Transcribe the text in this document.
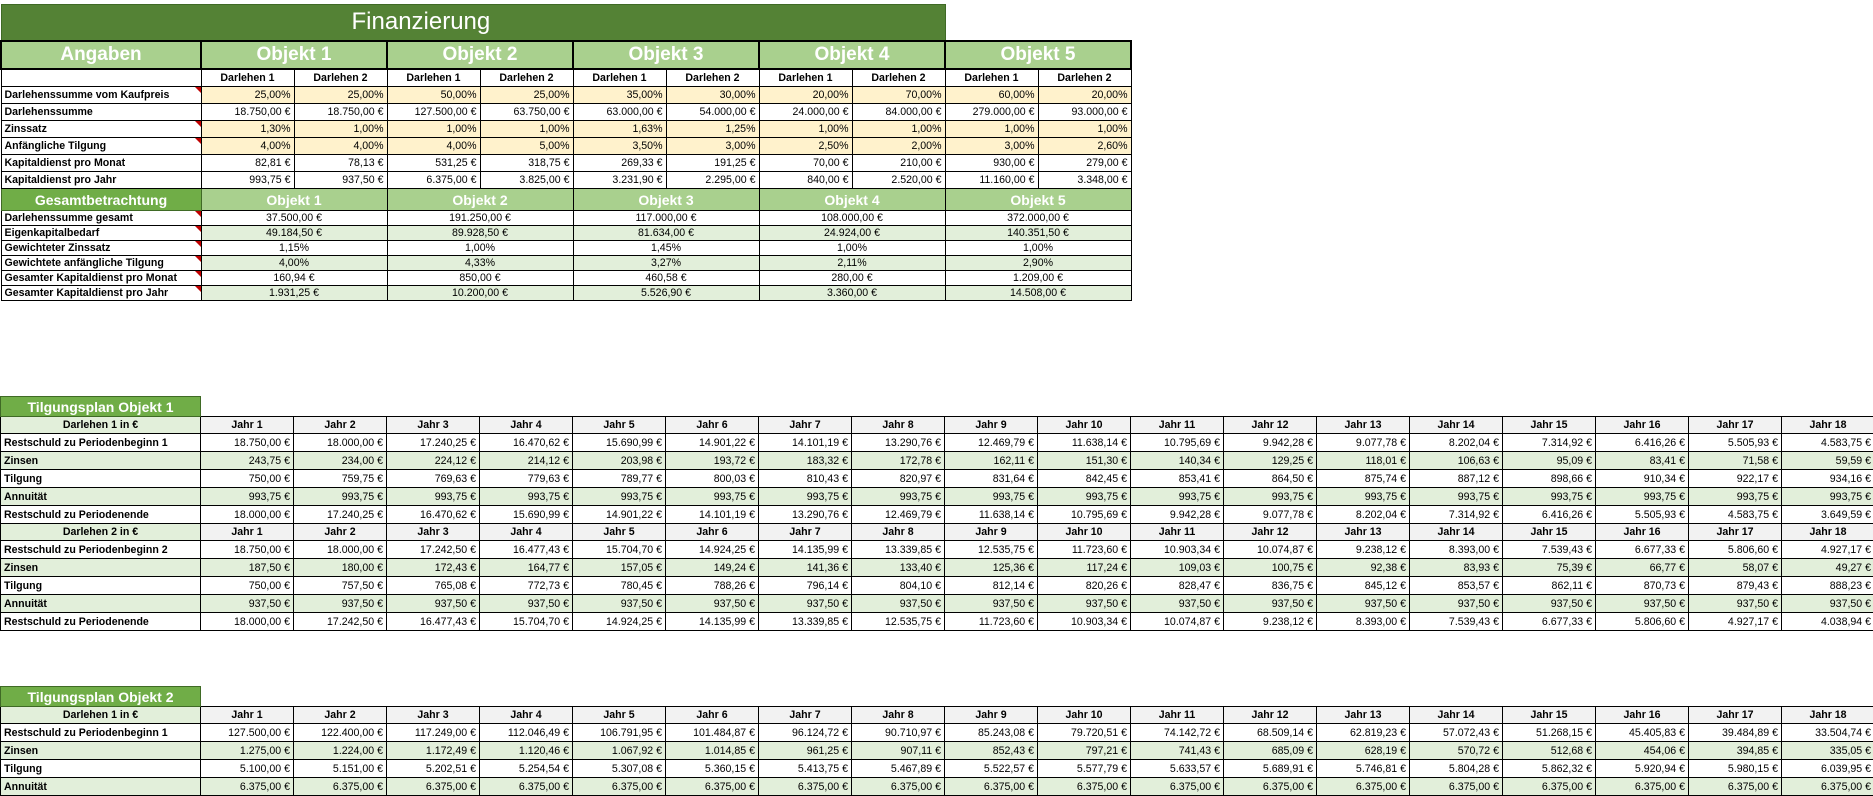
Finanzierung										
Angaben	Objekt 1		Objekt 2		Objekt 3		Objekt 4		Objekt 5	
	Darlehen 1	Darlehen 2	Darlehen 1	Darlehen 2	Darlehen 1	Darlehen 2	Darlehen 1	Darlehen 2	Darlehen 1	Darlehen 2
Darlehenssumme vom Kaufpreis	25,00%	25,00%	50,00%	25,00%	35,00%	30,00%	20,00%	70,00%	60,00%	20,00%
Darlehenssumme	18.750,00 €	18.750,00 €	127.500,00 €	63.750,00 €	63.000,00 €	54.000,00 €	24.000,00 €	84.000,00 €	279.000,00 €	93.000,00 €
Zinssatz	1,30%	1,00%	1,00%	1,00%	1,63%	1,25%	1,00%	1,00%	1,00%	1,00%
Anfängliche Tilgung	4,00%	4,00%	4,00%	5,00%	3,50%	3,00%	2,50%	2,00%	3,00%	2,60%
Kapitaldienst pro Monat	82,81 €	78,13 €	531,25 €	318,75 €	269,33 €	191,25 €	70,00 €	210,00 €	930,00 €	279,00 €
Kapitaldienst pro Jahr	993,75 €	937,50 €	6.375,00 €	3.825,00 €	3.231,90 €	2.295,00 €	840,00 €	2.520,00 €	11.160,00 €	3.348,00 €
Gesamtbetrachtung	Objekt 1		Objekt 2		Objekt 3		Objekt 4		Objekt 5	
Darlehenssumme gesamt	37.500,00 €		191.250,00 €		117.000,00 €		108.000,00 €		372.000,00 €	
Eigenkapitalbedarf	49.184,50 €		89.928,50 €		81.634,00 €		24.924,00 €		140.351,50 €	
Gewichteter Zinssatz	1,15%		1,00%		1,45%		1,00%		1,00%	
Gewichtete anfängliche Tilgung	4,00%		4,33%		3,27%		2,11%		2,90%	
Gesamter Kapitaldienst pro Monat	160,94 €		850,00 €		460,58 €		280,00 €		1.209,00 €	
Gesamter Kapitaldienst pro Jahr	1.931,25 €		10.200,00 €		5.526,90 €		3.360,00 €		14.508,00 €	
Tilgungsplan Objekt 1																		
Darlehen 1 in €	Jahr 1	Jahr 2	Jahr 3	Jahr 4	Jahr 5	Jahr 6	Jahr 7	Jahr 8	Jahr 9	Jahr 10	Jahr 11	Jahr 12	Jahr 13	Jahr 14	Jahr 15	Jahr 16	Jahr 17	Jahr 18
Restschuld zu Periodenbeginn 1	18.750,00 €	18.000,00 €	17.240,25 €	16.470,62 €	15.690,99 €	14.901,22 €	14.101,19 €	13.290,76 €	12.469,79 €	11.638,14 €	10.795,69 €	9.942,28 €	9.077,78 €	8.202,04 €	7.314,92 €	6.416,26 €	5.505,93 €	4.583,75 €
Zinsen	243,75 €	234,00 €	224,12 €	214,12 €	203,98 €	193,72 €	183,32 €	172,78 €	162,11 €	151,30 €	140,34 €	129,25 €	118,01 €	106,63 €	95,09 €	83,41 €	71,58 €	59,59 €
Tilgung	750,00 €	759,75 €	769,63 €	779,63 €	789,77 €	800,03 €	810,43 €	820,97 €	831,64 €	842,45 €	853,41 €	864,50 €	875,74 €	887,12 €	898,66 €	910,34 €	922,17 €	934,16 €
Annuität	993,75 €	993,75 €	993,75 €	993,75 €	993,75 €	993,75 €	993,75 €	993,75 €	993,75 €	993,75 €	993,75 €	993,75 €	993,75 €	993,75 €	993,75 €	993,75 €	993,75 €	993,75 €
Restschuld zu Periodenende	18.000,00 €	17.240,25 €	16.470,62 €	15.690,99 €	14.901,22 €	14.101,19 €	13.290,76 €	12.469,79 €	11.638,14 €	10.795,69 €	9.942,28 €	9.077,78 €	8.202,04 €	7.314,92 €	6.416,26 €	5.505,93 €	4.583,75 €	3.649,59 €
Darlehen 2 in €	Jahr 1	Jahr 2	Jahr 3	Jahr 4	Jahr 5	Jahr 6	Jahr 7	Jahr 8	Jahr 9	Jahr 10	Jahr 11	Jahr 12	Jahr 13	Jahr 14	Jahr 15	Jahr 16	Jahr 17	Jahr 18
Restschuld zu Periodenbeginn 2	18.750,00 €	18.000,00 €	17.242,50 €	16.477,43 €	15.704,70 €	14.924,25 €	14.135,99 €	13.339,85 €	12.535,75 €	11.723,60 €	10.903,34 €	10.074,87 €	9.238,12 €	8.393,00 €	7.539,43 €	6.677,33 €	5.806,60 €	4.927,17 €
Zinsen	187,50 €	180,00 €	172,43 €	164,77 €	157,05 €	149,24 €	141,36 €	133,40 €	125,36 €	117,24 €	109,03 €	100,75 €	92,38 €	83,93 €	75,39 €	66,77 €	58,07 €	49,27 €
Tilgung	750,00 €	757,50 €	765,08 €	772,73 €	780,45 €	788,26 €	796,14 €	804,10 €	812,14 €	820,26 €	828,47 €	836,75 €	845,12 €	853,57 €	862,11 €	870,73 €	879,43 €	888,23 €
Annuität	937,50 €	937,50 €	937,50 €	937,50 €	937,50 €	937,50 €	937,50 €	937,50 €	937,50 €	937,50 €	937,50 €	937,50 €	937,50 €	937,50 €	937,50 €	937,50 €	937,50 €	937,50 €
Restschuld zu Periodenende	18.000,00 €	17.242,50 €	16.477,43 €	15.704,70 €	14.924,25 €	14.135,99 €	13.339,85 €	12.535,75 €	11.723,60 €	10.903,34 €	10.074,87 €	9.238,12 €	8.393,00 €	7.539,43 €	6.677,33 €	5.806,60 €	4.927,17 €	4.038,94 €
Tilgungsplan Objekt 2																		
Darlehen 1 in €	Jahr 1	Jahr 2	Jahr 3	Jahr 4	Jahr 5	Jahr 6	Jahr 7	Jahr 8	Jahr 9	Jahr 10	Jahr 11	Jahr 12	Jahr 13	Jahr 14	Jahr 15	Jahr 16	Jahr 17	Jahr 18
Restschuld zu Periodenbeginn 1	127.500,00 €	122.400,00 €	117.249,00 €	112.046,49 €	106.791,95 €	101.484,87 €	96.124,72 €	90.710,97 €	85.243,08 €	79.720,51 €	74.142,72 €	68.509,14 €	62.819,23 €	57.072,43 €	51.268,15 €	45.405,83 €	39.484,89 €	33.504,74 €
Zinsen	1.275,00 €	1.224,00 €	1.172,49 €	1.120,46 €	1.067,92 €	1.014,85 €	961,25 €	907,11 €	852,43 €	797,21 €	741,43 €	685,09 €	628,19 €	570,72 €	512,68 €	454,06 €	394,85 €	335,05 €
Tilgung	5.100,00 €	5.151,00 €	5.202,51 €	5.254,54 €	5.307,08 €	5.360,15 €	5.413,75 €	5.467,89 €	5.522,57 €	5.577,79 €	5.633,57 €	5.689,91 €	5.746,81 €	5.804,28 €	5.862,32 €	5.920,94 €	5.980,15 €	6.039,95 €
Annuität	6.375,00 €	6.375,00 €	6.375,00 €	6.375,00 €	6.375,00 €	6.375,00 €	6.375,00 €	6.375,00 €	6.375,00 €	6.375,00 €	6.375,00 €	6.375,00 €	6.375,00 €	6.375,00 €	6.375,00 €	6.375,00 €	6.375,00 €	6.375,00 €
